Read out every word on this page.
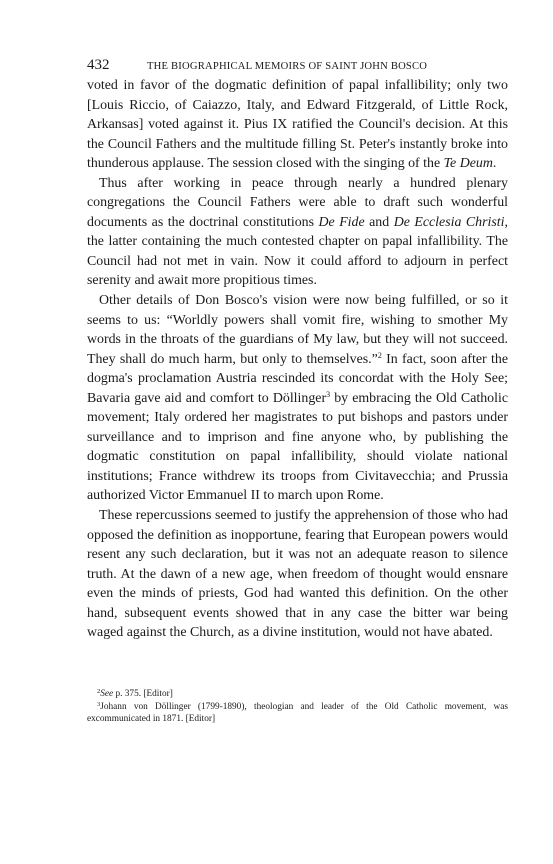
432	THE BIOGRAPHICAL MEMOIRS OF SAINT JOHN BOSCO

voted in favor of the dogmatic definition of papal infallibility; only two [Louis Riccio, of Caiazzo, Italy, and Edward Fitzgerald, of Little Rock, Arkansas] voted against it. Pius IX ratified the Council's decision. At this the Council Fathers and the multitude filling St. Peter's instantly broke into thunderous applause. The session closed with the singing of the Te Deum.

Thus after working in peace through nearly a hundred plenary congregations the Council Fathers were able to draft such wonderful documents as the doctrinal constitutions De Fide and De Ecclesia Christi, the latter containing the much contested chapter on papal infallibility. The Council had not met in vain. Now it could afford to adjourn in perfect serenity and await more propitious times.

Other details of Don Bosco's vision were now being fulfilled, or so it seems to us: “Worldly powers shall vomit fire, wishing to smother My words in the throats of the guardians of My law, but they will not succeed. They shall do much harm, but only to themselves.”$^2$ In fact, soon after the dogma's proclamation Austria rescinded its concordat with the Holy See; Bavaria gave aid and comfort to Döllinger$^3$ by embracing the Old Catholic movement; Italy ordered her magistrates to put bishops and pastors under surveillance and to imprison and fine anyone who, by publishing the dogmatic constitution on papal infallibility, should violate national institutions; France withdrew its troops from Civitavecchia; and Prussia authorized Victor Emmanuel II to march upon Rome.

These repercussions seemed to justify the apprehension of those who had opposed the definition as inopportune, fearing that European powers would resent any such declaration, but it was not an adequate reason to silence truth. At the dawn of a new age, when freedom of thought would ensnare even the minds of priests, God had wanted this definition. On the other hand, subsequent events showed that in any case the bitter war being waged against the Church, as a divine institution, would not have abated.

$^2$See p. 375. [Editor]

$^3$Johann von Döllinger (1799-1890), theologian and leader of the Old Catholic movement, was excommunicated in 1871. [Editor]
